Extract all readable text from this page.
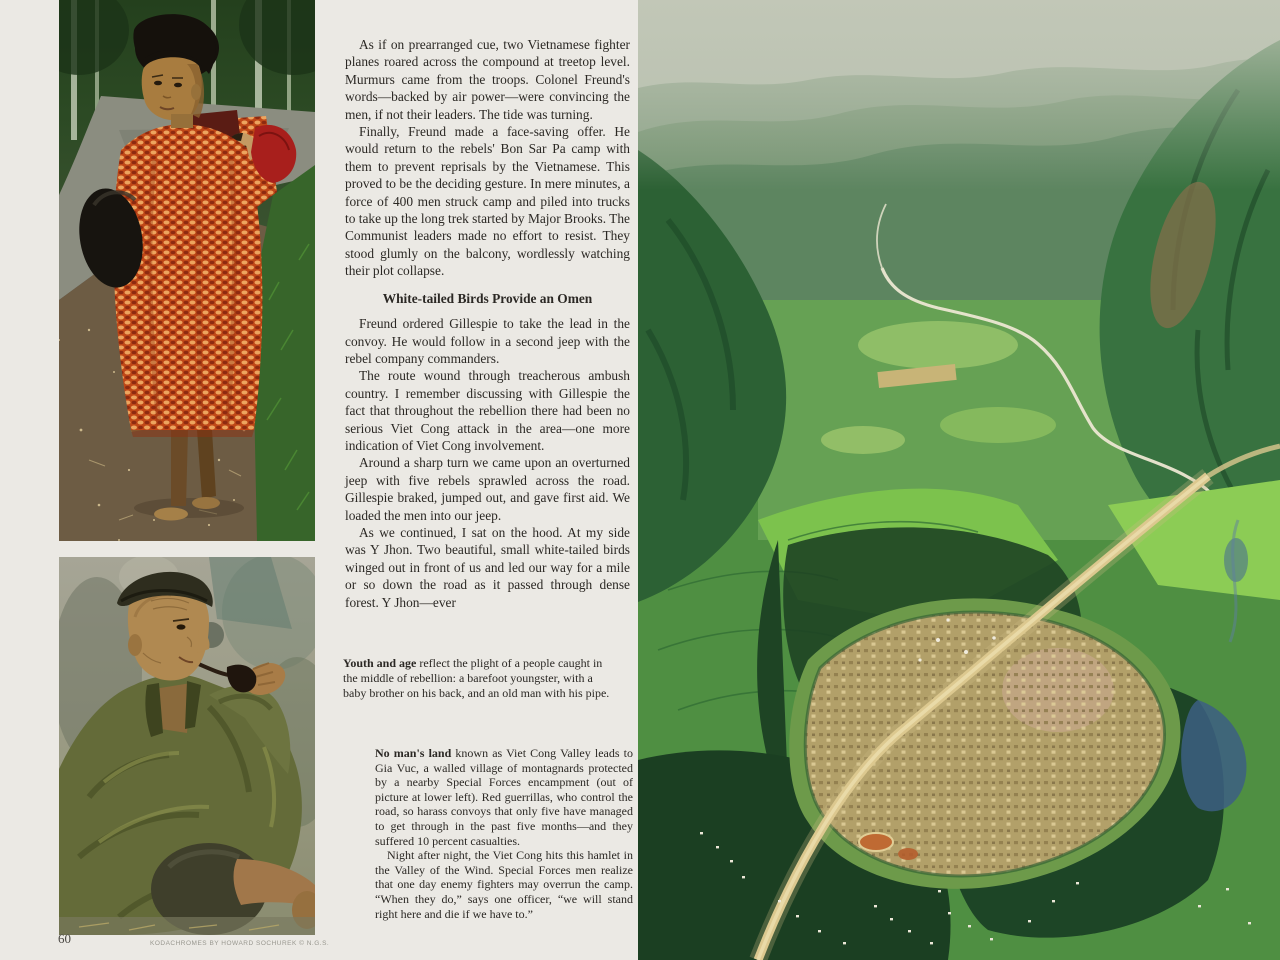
As if on prearranged cue, two Vietnamese fighter planes roared across the compound at treetop level. Murmurs came from the troops. Colonel Freund's words—backed by air power—were convincing the men, if not their leaders. The tide was turning.

Finally, Freund made a face-saving offer. He would return to the rebels' Bon Sar Pa camp with them to prevent reprisals by the Vietnamese. This proved to be the deciding gesture. In mere minutes, a force of 400 men struck camp and piled into trucks to take up the long trek started by Major Brooks. The Communist leaders made no effort to resist. They stood glumly on the balcony, wordlessly watching their plot collapse.

White-tailed Birds Provide an Omen

Freund ordered Gillespie to take the lead in the convoy. He would follow in a second jeep with the rebel company commanders.

The route wound through treacherous ambush country. I remember discussing with Gillespie the fact that throughout the rebellion there had been no serious Viet Cong attack in the area—one more indication of Viet Cong involvement.

Around a sharp turn we came upon an overturned jeep with five rebels sprawled across the road. Gillespie braked, jumped out, and gave first aid. We loaded the men into our jeep.

As we continued, I sat on the hood. At my side was Y Jhon. Two beautiful, small white-tailed birds winged out in front of us and led our way for a mile or so down the road as it passed through dense forest. Y Jhon—ever

Youth and age reflect the plight of a people caught in the middle of rebellion: a barefoot youngster, with a baby brother on his back, and an old man with his pipe.
No man's land known as Viet Cong Valley leads to Gia Vuc, a walled village of montagnards protected by a nearby Special Forces encampment (out of picture at lower left). Red guerrillas, who control the road, so harass convoys that only five have managed to get through in the past five months—and they suffered 10 percent casualties.
Night after night, the Viet Cong hits this hamlet in the Valley of the Wind. Special Forces men realize that one day enemy fighters may overrun the camp. “When they do,” says one officer, “we will stand right here and die if we have to.”
60	KODACHROMES BY HOWARD SOCHUREK © N.G.S.
